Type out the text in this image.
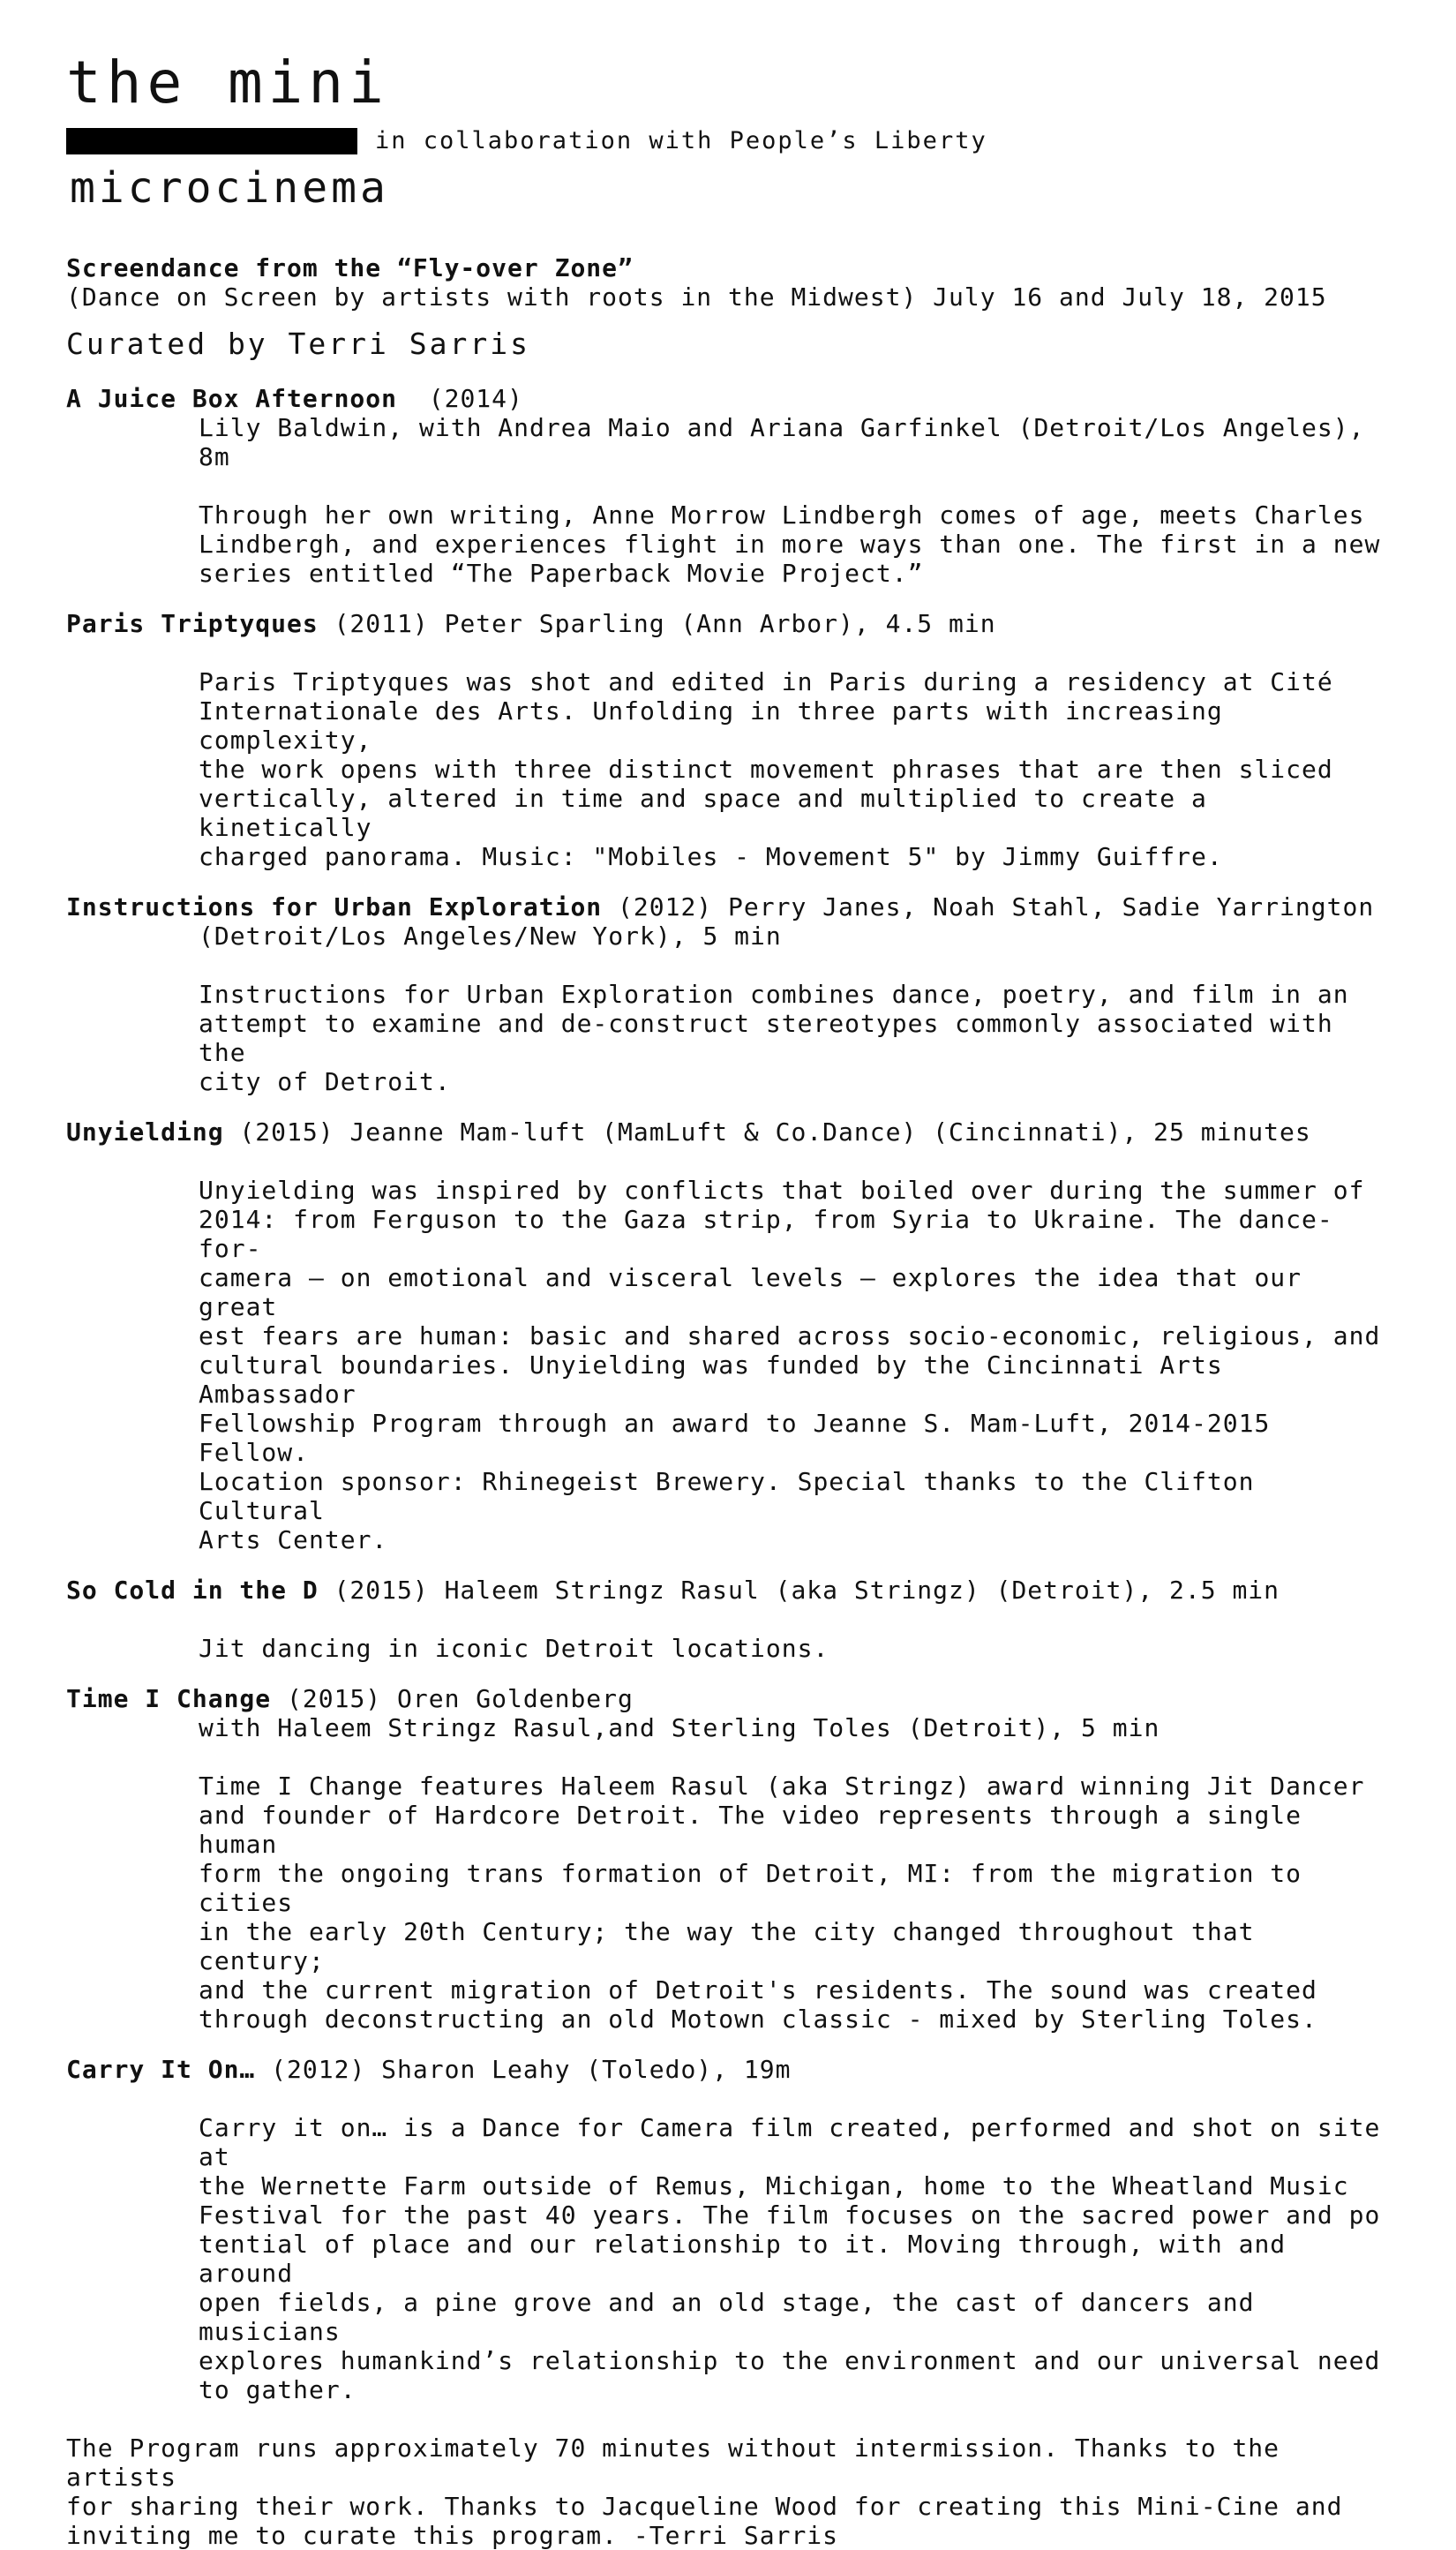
the mini
in collaboration with People’s Liberty
microcinema
Screendance from the “Fly-over Zone”
(Dance on Screen by artists with roots in the Midwest) July 16 and July 18, 2015
Curated by Terri Sarris
A Juice Box Afternoon  (2014)
Lily Baldwin, with Andrea Maio and Ariana Garfinkel (Detroit/Los Angeles), 8m
Through her own writing, Anne Morrow Lindbergh comes of age, meets Charles
Lindbergh, and experiences flight in more ways than one. The first in a new
series entitled “The Paperback Movie Project.”
Paris Triptyques (2011) Peter Sparling (Ann Arbor), 4.5 min
Paris Triptyques was shot and edited in Paris during a residency at Cité
Internationale des Arts. Unfolding in three parts with increasing complexity,
the work opens with three distinct movement phrases that are then sliced
vertically, altered in time and space and multiplied to create a kinetically
charged panorama. Music: "Mobiles - Movement 5" by Jimmy Guiffre.
Instructions for Urban Exploration (2012) Perry Janes, Noah Stahl, Sadie Yarrington
(Detroit/Los Angeles/New York), 5 min
Instructions for Urban Exploration combines dance, poetry, and film in an
attempt to examine and de-construct stereotypes commonly associated with the
city of Detroit.
Unyielding (2015) Jeanne Mam-luft (MamLuft & Co.Dance) (Cincinnati), 25 minutes
Unyielding was inspired by conflicts that boiled over during the summer of
2014: from Ferguson to the Gaza strip, from Syria to Ukraine. The dance-for-
camera — on emotional and visceral levels — explores the idea that our great
est fears are human: basic and shared across socio-economic, religious, and
cultural boundaries. Unyielding was funded by the Cincinnati Arts Ambassador
Fellowship Program through an award to Jeanne S. Mam-Luft, 2014-2015 Fellow.
Location sponsor: Rhinegeist Brewery. Special thanks to the Clifton Cultural
Arts Center.
So Cold in the D (2015) Haleem Stringz Rasul (aka Stringz) (Detroit), 2.5 min
Jit dancing in iconic Detroit locations.
Time I Change (2015) Oren Goldenberg
with Haleem Stringz Rasul,and Sterling Toles (Detroit), 5 min
Time I Change features Haleem Rasul (aka Stringz) award winning Jit Dancer
and founder of Hardcore Detroit. The video represents through a single human
form the ongoing trans formation of Detroit, MI: from the migration to cities
in the early 20th Century; the way the city changed throughout that century;
and the current migration of Detroit's residents. The sound was created
through deconstructing an old Motown classic - mixed by Sterling Toles.
Carry It On… (2012) Sharon Leahy (Toledo), 19m
Carry it on… is a Dance for Camera film created, performed and shot on site at
the Wernette Farm outside of Remus, Michigan, home to the Wheatland Music
Festival for the past 40 years. The film focuses on the sacred power and po
tential of place and our relationship to it. Moving through, with and around
open fields, a pine grove and an old stage, the cast of dancers and musicians
explores humankind’s relationship to the environment and our universal need
to gather.
The Program runs approximately 70 minutes without intermission. Thanks to the artists
for sharing their work. Thanks to Jacqueline Wood for creating this Mini-Cine and
inviting me to curate this program. -Terri Sarris
